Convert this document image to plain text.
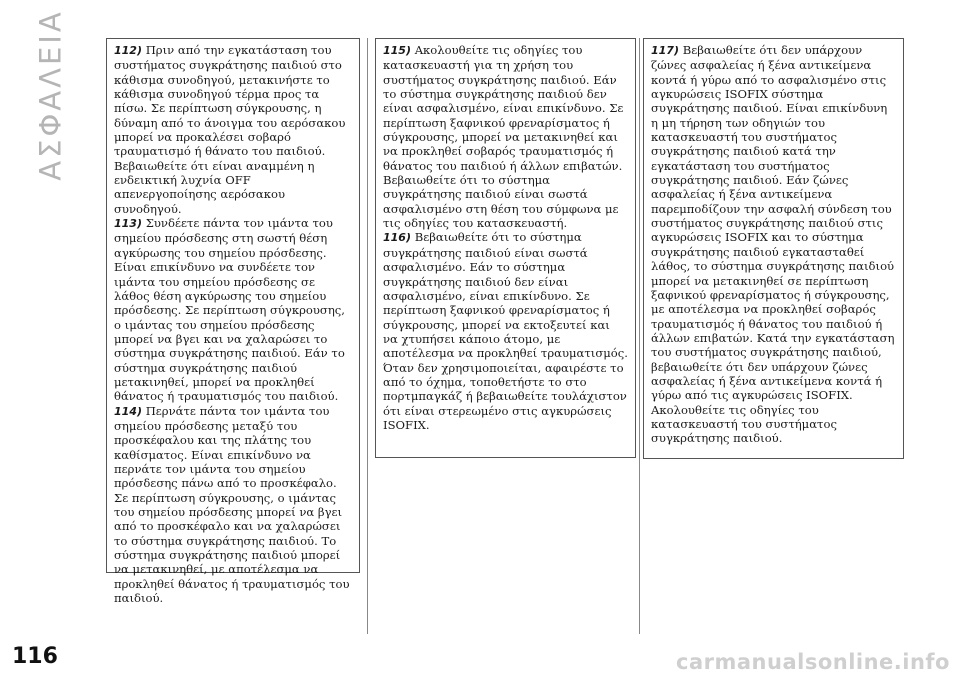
ΑΣΦΑΛΕΙΑ	112) Πριν από την εγκατάσταση του συστήματος συγκράτησης παιδιού στο κάθισμα συνοδηγού, μετακινήστε το κάθισμα συνοδηγού τέρμα προς τα πίσω. Σε περίπτωση σύγκρουσης, η δύναμη από το άνοιγμα του αερόσακου μπορεί να προκαλέσει σοβαρό τραυματισμό ή θάνατο του παιδιού. Βεβαιωθείτε ότι είναι αναμμένη η ενδεικτική λυχνία OFF απενεργοποίησης αερόσακου συνοδηγού.

113) Συνδέετε πάντα τον ιμάντα του σημείου πρόσδεσης στη σωστή θέση αγκύρωσης του σημείου πρόσδεσης. Είναι επικίνδυνο να συνδέετε τον ιμάντα του σημείου πρόσδεσης σε λάθος θέση αγκύρωσης του σημείου πρόσδεσης. Σε περίπτωση σύγκρουσης, ο ιμάντας του σημείου πρόσδεσης μπορεί να βγει και να χαλαρώσει το σύστημα συγκράτησης παιδιού. Εάν το σύστημα συγκράτησης παιδιού μετακινηθεί, μπορεί να προκληθεί θάνατος ή τραυματισμός του παιδιού.

114) Περνάτε πάντα τον ιμάντα του σημείου πρόσδεσης μεταξύ του προσκέφαλου και της πλάτης του καθίσματος. Είναι επικίνδυνο να περνάτε τον ιμάντα του σημείου πρόσδεσης πάνω από το προσκέφαλο. Σε περίπτωση σύγκρουσης, ο ιμάντας του σημείου πρόσδεσης μπορεί να βγει από το προσκέφαλο και να χαλαρώσει το σύστημα συγκράτησης παιδιού. Το σύστημα συγκράτησης παιδιού μπορεί να μετακινηθεί, με αποτέλεσμα να προκληθεί θάνατος ή τραυματισμός του παιδιού.

115) Ακολουθείτε τις οδηγίες του κατασκευαστή για τη χρήση του συστήματος συγκράτησης παιδιού. Εάν το σύστημα συγκράτησης παιδιού δεν είναι ασφαλισμένο, είναι επικίνδυνο. Σε περίπτωση ξαφνικού φρεναρίσματος ή σύγκρουσης, μπορεί να μετακινηθεί και να προκληθεί σοβαρός τραυματισμός ή θάνατος του παιδιού ή άλλων επιβατών. Βεβαιωθείτε ότι το σύστημα συγκράτησης παιδιού είναι σωστά ασφαλισμένο στη θέση του σύμφωνα με τις οδηγίες του κατασκευαστή.

116) Βεβαιωθείτε ότι το σύστημα συγκράτησης παιδιού είναι σωστά ασφαλισμένο. Εάν το σύστημα συγκράτησης παιδιού δεν είναι ασφαλισμένο, είναι επικίνδυνο. Σε περίπτωση ξαφνικού φρεναρίσματος ή σύγκρουσης, μπορεί να εκτοξευτεί και να χτυπήσει κάποιο άτομο, με αποτέλεσμα να προκληθεί τραυματισμός. Όταν δεν χρησιμοποιείται, αφαιρέστε το από το όχημα, τοποθετήστε το στο πορτμπαγκάζ ή βεβαιωθείτε τουλάχιστον ότι είναι στερεωμένο στις αγκυρώσεις ISOFIX.

117) Βεβαιωθείτε ότι δεν υπάρχουν ζώνες ασφαλείας ή ξένα αντικείμενα κοντά ή γύρω από το ασφαλισμένο στις αγκυρώσεις ISOFIX σύστημα συγκράτησης παιδιού. Είναι επικίνδυνη η μη τήρηση των οδηγιών του κατασκευαστή του συστήματος συγκράτησης παιδιού κατά την εγκατάσταση του συστήματος συγκράτησης παιδιού. Εάν ζώνες ασφαλείας ή ξένα αντικείμενα παρεμποδίζουν την ασφαλή σύνδεση του συστήματος συγκράτησης παιδιού στις αγκυρώσεις ISOFIX και το σύστημα συγκράτησης παιδιού εγκατασταθεί λάθος, το σύστημα συγκράτησης παιδιού μπορεί να μετακινηθεί σε περίπτωση ξαφνικού φρεναρίσματος ή σύγκρουσης, με αποτέλεσμα να προκληθεί σοβαρός τραυματισμός ή θάνατος του παιδιού ή άλλων επιβατών. Κατά την εγκατάσταση του συστήματος συγκράτησης παιδιού, βεβαιωθείτε ότι δεν υπάρχουν ζώνες ασφαλείας ή ξένα αντικείμενα κοντά ή γύρω από τις αγκυρώσεις ISOFIX. Ακολουθείτε τις οδηγίες του κατασκευαστή του συστήματος συγκράτησης παιδιού.

116	carmanualsonline.info
